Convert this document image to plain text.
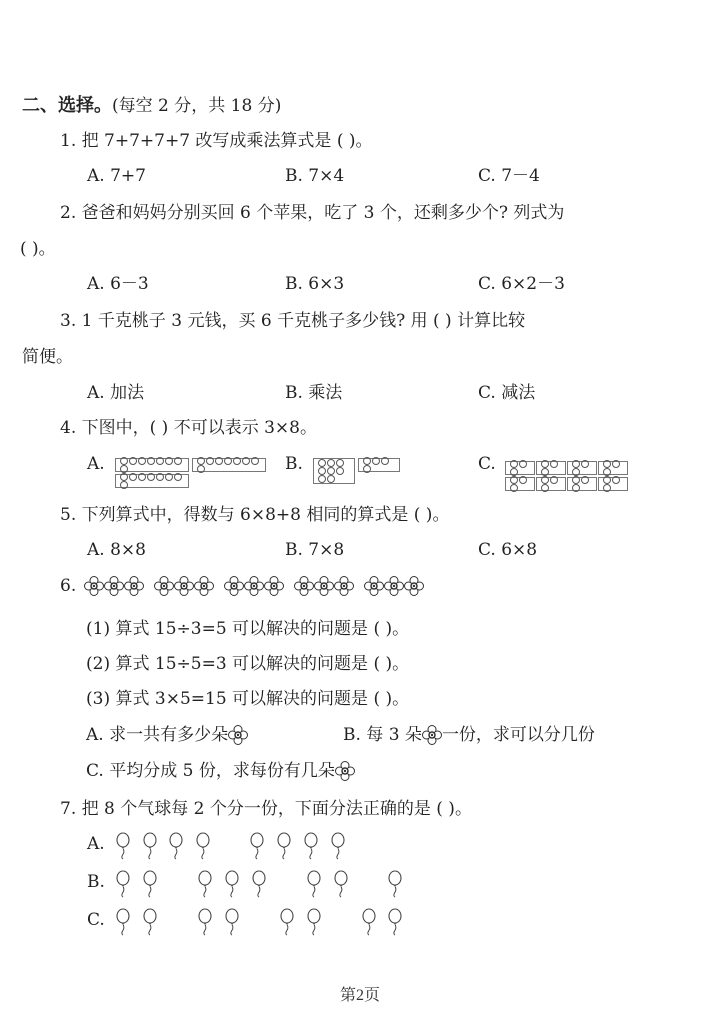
二、选择。(每空 2 分，共 18 分)
1. 把 7+7+7+7 改写成乘法算式是 ( )。
A. 7+7	B. 7×4	C. 7－4
2. 爸爸和妈妈分别买回 6 个苹果，吃了 3 个，还剩多少个? 列式为
( )。
A. 6－3	B. 6×3	C. 6×2－3
3. 1 千克桃子 3 元钱，买 6 千克桃子多少钱? 用 ( ) 计算比较
简便。
A. 加法	B. 乘法	C. 减法
4. 下图中，( ) 不可以表示 3×8。
A.	B.	C.
5. 下列算式中，得数与 6×8+8 相同的算式是 ( )。
A. 8×8	B. 7×8	C. 6×8
6.
(1) 算式 15÷3=5 可以解决的问题是 ( )。
(2) 算式 15÷5=3 可以解决的问题是 ( )。
(3) 算式 3×5=15 可以解决的问题是 ( )。
A. 求一共有多少朵	B. 每 3 朵 一份，求可以分几份
C. 平均分成 5 份，求每份有几朵
7. 把 8 个气球每 2 个分一份，下面分法正确的是 ( )。
A.
B.
C.
第2页
